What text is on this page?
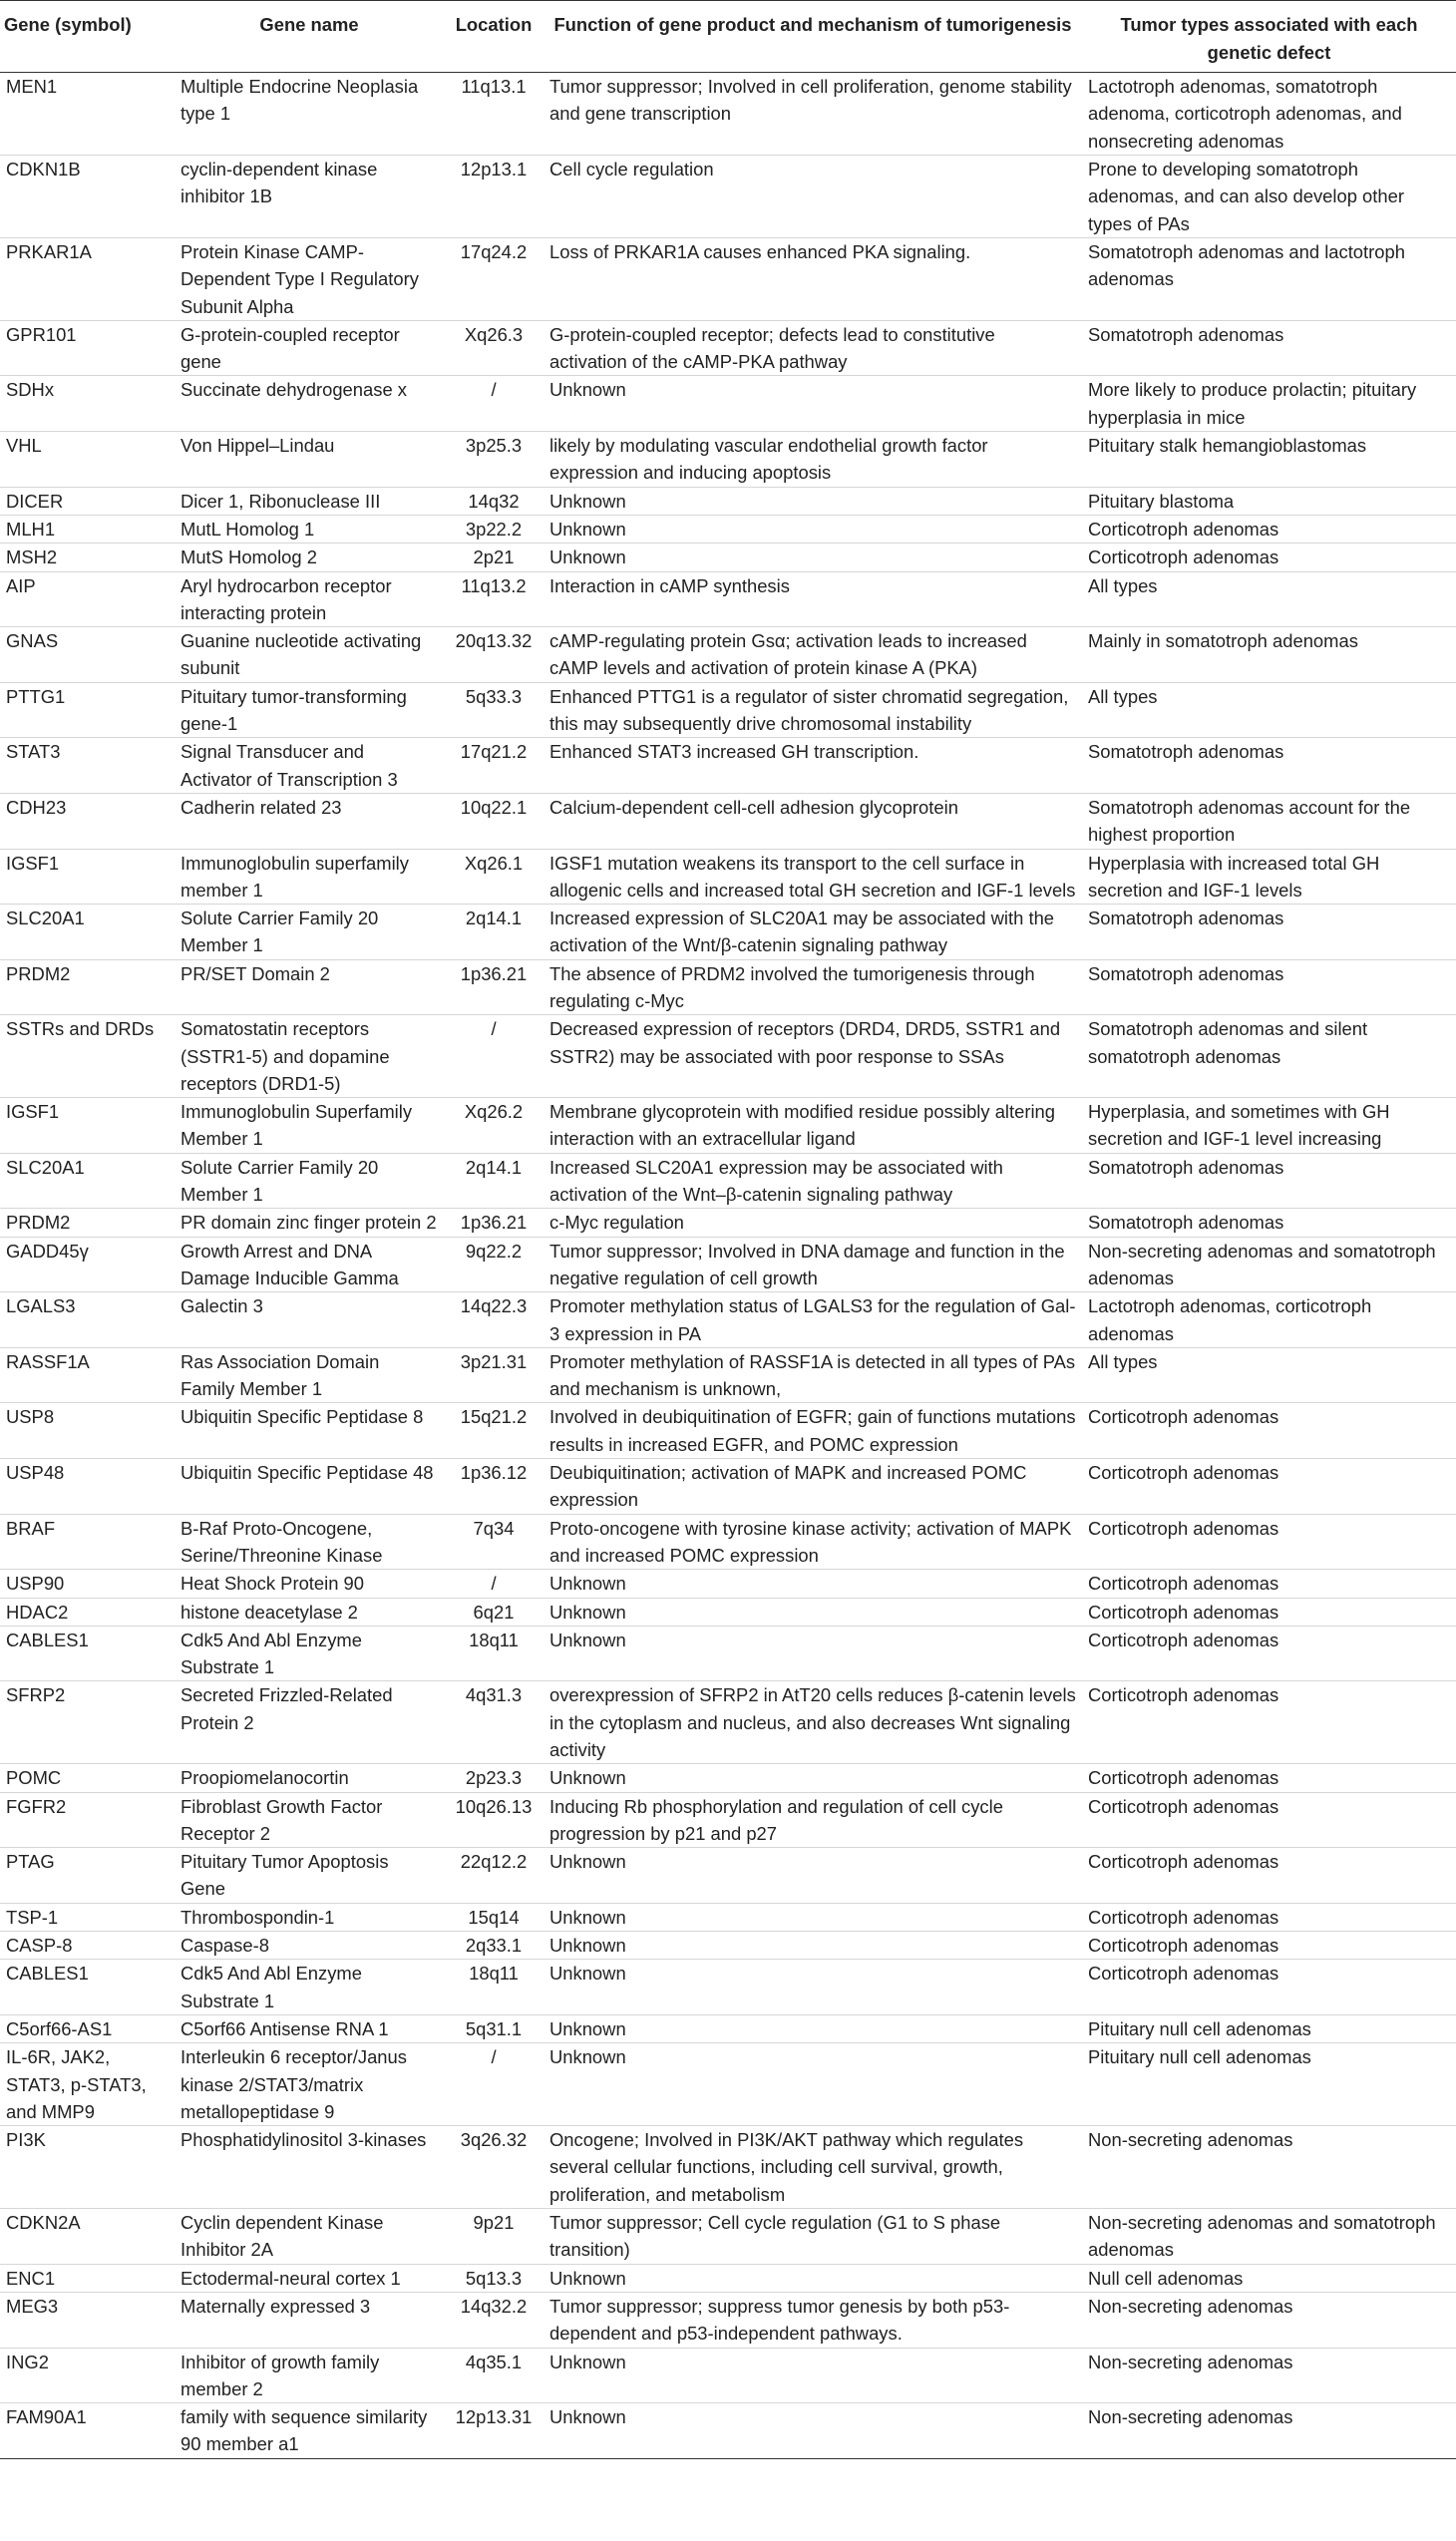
Gene (symbol)	Gene name	Location	Function of gene product and mechanism of tumorigenesis	Tumor types associated with each genetic defect
MEN1	Multiple Endocrine Neoplasia type 1	11q13.1	Tumor suppressor; Involved in cell proliferation, genome stability and gene transcription	Lactotroph adenomas, somatotroph adenoma, corticotroph adenomas, and nonsecreting adenomas
CDKN1B	cyclin-dependent kinase inhibitor 1B	12p13.1	Cell cycle regulation	Prone to developing somatotroph adenomas, and can also develop other types of PAs
PRKAR1A	Protein Kinase CAMP-Dependent Type I Regulatory Subunit Alpha	17q24.2	Loss of PRKAR1A causes enhanced PKA signaling.	Somatotroph adenomas and lactotroph adenomas
GPR101	G-protein-coupled receptor gene	Xq26.3	G-protein-coupled receptor; defects lead to constitutive activation of the cAMP-PKA pathway	Somatotroph adenomas
SDHx	Succinate dehydrogenase x	/	Unknown	More likely to produce prolactin; pituitary hyperplasia in mice
VHL	Von Hippel–Lindau	3p25.3	likely by modulating vascular endothelial growth factor expression and inducing apoptosis	Pituitary stalk hemangioblastomas
DICER	Dicer 1, Ribonuclease III	14q32	Unknown	Pituitary blastoma
MLH1	MutL Homolog 1	3p22.2	Unknown	Corticotroph adenomas
MSH2	MutS Homolog 2	2p21	Unknown	Corticotroph adenomas
AIP	Aryl hydrocarbon receptor interacting protein	11q13.2	Interaction in cAMP synthesis	All types
GNAS	Guanine nucleotide activating subunit	20q13.32	cAMP-regulating protein Gsα; activation leads to increased cAMP levels and activation of protein kinase A (PKA)	Mainly in somatotroph adenomas
PTTG1	Pituitary tumor-transforming gene-1	5q33.3	Enhanced PTTG1 is a regulator of sister chromatid segregation, this may subsequently drive chromosomal instability	All types
STAT3	Signal Transducer and Activator of Transcription 3	17q21.2	Enhanced STAT3 increased GH transcription.	Somatotroph adenomas
CDH23	Cadherin related 23	10q22.1	Calcium-dependent cell-cell adhesion glycoprotein	Somatotroph adenomas account for the highest proportion
IGSF1	Immunoglobulin superfamily member 1	Xq26.1	IGSF1 mutation weakens its transport to the cell surface in allogenic cells and increased total GH secretion and IGF-1 levels	Hyperplasia with increased total GH secretion and IGF-1 levels
SLC20A1	Solute Carrier Family 20 Member 1	2q14.1	Increased expression of SLC20A1 may be associated with the activation of the Wnt/β-catenin signaling pathway	Somatotroph adenomas
PRDM2	PR/SET Domain 2	1p36.21	The absence of PRDM2 involved the tumorigenesis through regulating c-Myc	Somatotroph adenomas
SSTRs and DRDs	Somatostatin receptors (SSTR1-5) and dopamine receptors (DRD1-5)	/	Decreased expression of receptors (DRD4, DRD5, SSTR1 and SSTR2) may be associated with poor response to SSAs	Somatotroph adenomas and silent somatotroph adenomas
IGSF1	Immunoglobulin Superfamily Member 1	Xq26.2	Membrane glycoprotein with modified residue possibly altering interaction with an extracellular ligand	Hyperplasia, and sometimes with GH secretion and IGF-1 level increasing
SLC20A1	Solute Carrier Family 20 Member 1	2q14.1	Increased SLC20A1 expression may be associated with activation of the Wnt–β-catenin signaling pathway	Somatotroph adenomas
PRDM2	PR domain zinc finger protein 2	1p36.21	c-Myc regulation	Somatotroph adenomas
GADD45γ	Growth Arrest and DNA Damage Inducible Gamma	9q22.2	Tumor suppressor; Involved in DNA damage and function in the negative regulation of cell growth	Non-secreting adenomas and somatotroph adenomas
LGALS3	Galectin 3	14q22.3	Promoter methylation status of LGALS3 for the regulation of Gal-3 expression in PA	Lactotroph adenomas, corticotroph adenomas
RASSF1A	Ras Association Domain Family Member 1	3p21.31	Promoter methylation of RASSF1A is detected in all types of PAs and mechanism is unknown,	All types
USP8	Ubiquitin Specific Peptidase 8	15q21.2	Involved in deubiquitination of EGFR; gain of functions mutations results in increased EGFR, and POMC expression	Corticotroph adenomas
USP48	Ubiquitin Specific Peptidase 48	1p36.12	Deubiquitination; activation of MAPK and increased POMC expression	Corticotroph adenomas
BRAF	B-Raf Proto-Oncogene, Serine/Threonine Kinase	7q34	Proto-oncogene with tyrosine kinase activity; activation of MAPK and increased POMC expression	Corticotroph adenomas
USP90	Heat Shock Protein 90	/	Unknown	Corticotroph adenomas
HDAC2	histone deacetylase 2	6q21	Unknown	Corticotroph adenomas
CABLES1	Cdk5 And Abl Enzyme Substrate 1	18q11	Unknown	Corticotroph adenomas
SFRP2	Secreted Frizzled-Related Protein 2	4q31.3	overexpression of SFRP2 in AtT20 cells reduces β-catenin levels in the cytoplasm and nucleus, and also decreases Wnt signaling activity	Corticotroph adenomas
POMC	Proopiomelanocortin	2p23.3	Unknown	Corticotroph adenomas
FGFR2	Fibroblast Growth Factor Receptor 2	10q26.13	Inducing Rb phosphorylation and regulation of cell cycle progression by p21 and p27	Corticotroph adenomas
PTAG	Pituitary Tumor Apoptosis Gene	22q12.2	Unknown	Corticotroph adenomas
TSP-1	Thrombospondin-1	15q14	Unknown	Corticotroph adenomas
CASP-8	Caspase-8	2q33.1	Unknown	Corticotroph adenomas
CABLES1	Cdk5 And Abl Enzyme Substrate 1	18q11	Unknown	Corticotroph adenomas
C5orf66-AS1	C5orf66 Antisense RNA 1	5q31.1	Unknown	Pituitary null cell adenomas
IL-6R, JAK2, STAT3, p-STAT3, and MMP9	Interleukin 6 receptor/Janus kinase 2/STAT3/matrix metallopeptidase 9	/	Unknown	Pituitary null cell adenomas
PI3K	Phosphatidylinositol 3-kinases	3q26.32	Oncogene; Involved in PI3K/AKT pathway which regulates several cellular functions, including cell survival, growth, proliferation, and metabolism	Non-secreting adenomas
CDKN2A	Cyclin dependent Kinase Inhibitor 2A	9p21	Tumor suppressor; Cell cycle regulation (G1 to S phase transition)	Non-secreting adenomas and somatotroph adenomas
ENC1	Ectodermal-neural cortex 1	5q13.3	Unknown	Null cell adenomas
MEG3	Maternally expressed 3	14q32.2	Tumor suppressor; suppress tumor genesis by both p53-dependent and p53-independent pathways.	Non-secreting adenomas
ING2	Inhibitor of growth family member 2	4q35.1	Unknown	Non-secreting adenomas
FAM90A1	family with sequence similarity 90 member a1	12p13.31	Unknown	Non-secreting adenomas
